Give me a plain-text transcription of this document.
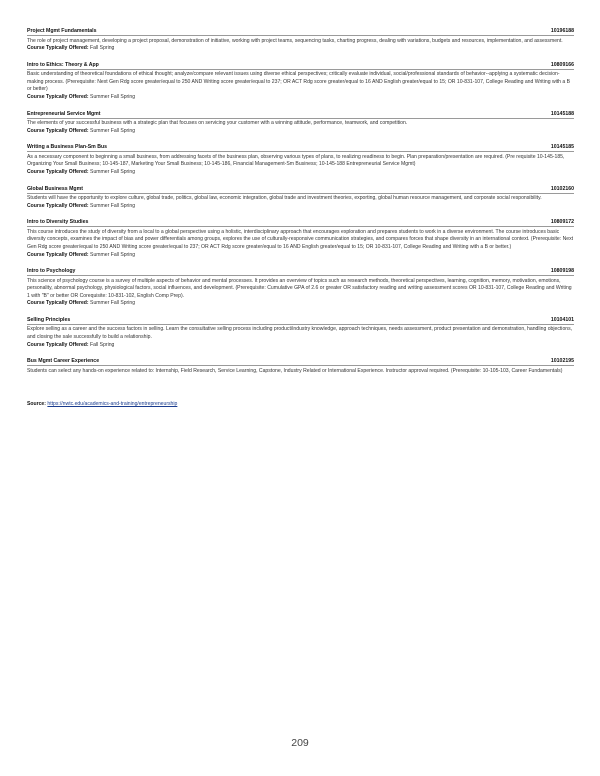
Project Mgmt Fundamentals	10196188
The role of project management, developing a project proposal, demonstration of initiative, working with project teams, sequencing tasks, charting progress, dealing with variations, budgets and resources, implementation, and assessment.
Course Typically Offered: Fall Spring
Intro to Ethics: Theory & App	10809166
Basic understanding of theoretical foundations of ethical thought; analyze/compare relevant issues using diverse ethical perspectives; critically evaluate individual, social/professional standards of behavior--applying a systematic decision-making process. (Prerequisite: Next Gen Rdg score greater/equal to 250 AND Writing score greater/equal to 237; OR ACT Rdg score greater/equal to 16 AND English greater/equal to 15; OR 10-831-107, College Reading and Writing with a B or better)
Course Typically Offered: Summer Fall Spring
Entrepreneurial Service Mgmt	10145188
The elements of your successful business with a strategic plan that focuses on servicing your customer with a winning attitude, performance, teamwork, and competition.
Course Typically Offered: Summer Fall Spring
Writing a Business Plan-Sm Bus	10145185
As a necessary component to beginning a small business, from addressing facets of the business plan, observing various types of plans, to realizing readiness to begin. Plan preparation/presentation are required. (Pre requisite 10-145-185, Organizing Your Small Business; 10-145-187, Marketing Your Small Business; 10-145-186, Financial Management-Sm Business; 10-145-188 Entrepreneurial Service Mgmt)
Course Typically Offered: Summer Fall Spring
Global Business Mgmt	10102160
Students will have the opportunity to explore culture, global trade, politics, global law, economic integration, global trade and investment theories, exporting, global human resource management, and corporate social responsibility.
Course Typically Offered: Summer Fall Spring
Intro to Diversity Studies	10809172
This course introduces the study of diversity from a local to a global perspective using a holistic, interdisciplinary approach that encourages exploration and prepares students to work in a diverse environment. The course introduces basic diversity concepts, examines the impact of bias and power differentials among groups, explores the use of culturally-responsive communication strategies, and compares forces that shape diversity in an international context. (Prerequisite: Next Gen Rdg score greater/equal to 250 AND Writing score greater/equal to 237; OR ACT Rdg score greater/equal to 16 AND English greater/equal to 15; OR 10-831-107, College Reading and Writing with a B or better.)
Course Typically Offered: Summer Fall Spring
Intro to Psychology	10809198
This science of psychology course is a survey of multiple aspects of behavior and mental processes. It provides an overview of topics such as research methods, theoretical perspectives, learning, cognition, memory, motivation, emotions, personality, abnormal psychology, physiological factors, social influences, and development. (Prerequisite: Cumulative GPA of 2.6 or greater OR satisfactory reading and writing assessment scores OR 10-831-107, College Reading and Writing 1 with "B" or better OR Corequisite: 10-831-102, English Comp Prep).
Course Typically Offered: Summer Fall Spring
Selling Principles	10104101
Explore selling as a career and the success factors in selling. Learn the consultative selling process including product/industry knowledge, approach techniques, needs assessment, product presentation and demonstration, handling objections, and closing the sale successfully to build a relationship.
Course Typically Offered: Fall Spring
Bus Mgmt Career Experience	10102195
Students can select any hands-on experience related to: Internship, Field Research, Service Learning, Capstone, Industry Related or International Experience. Instructor approval required. (Prerequisite: 10-105-103, Career Fundamentals)
Source: https://nwtc.edu/academics-and-training/entrepreneurship
209
